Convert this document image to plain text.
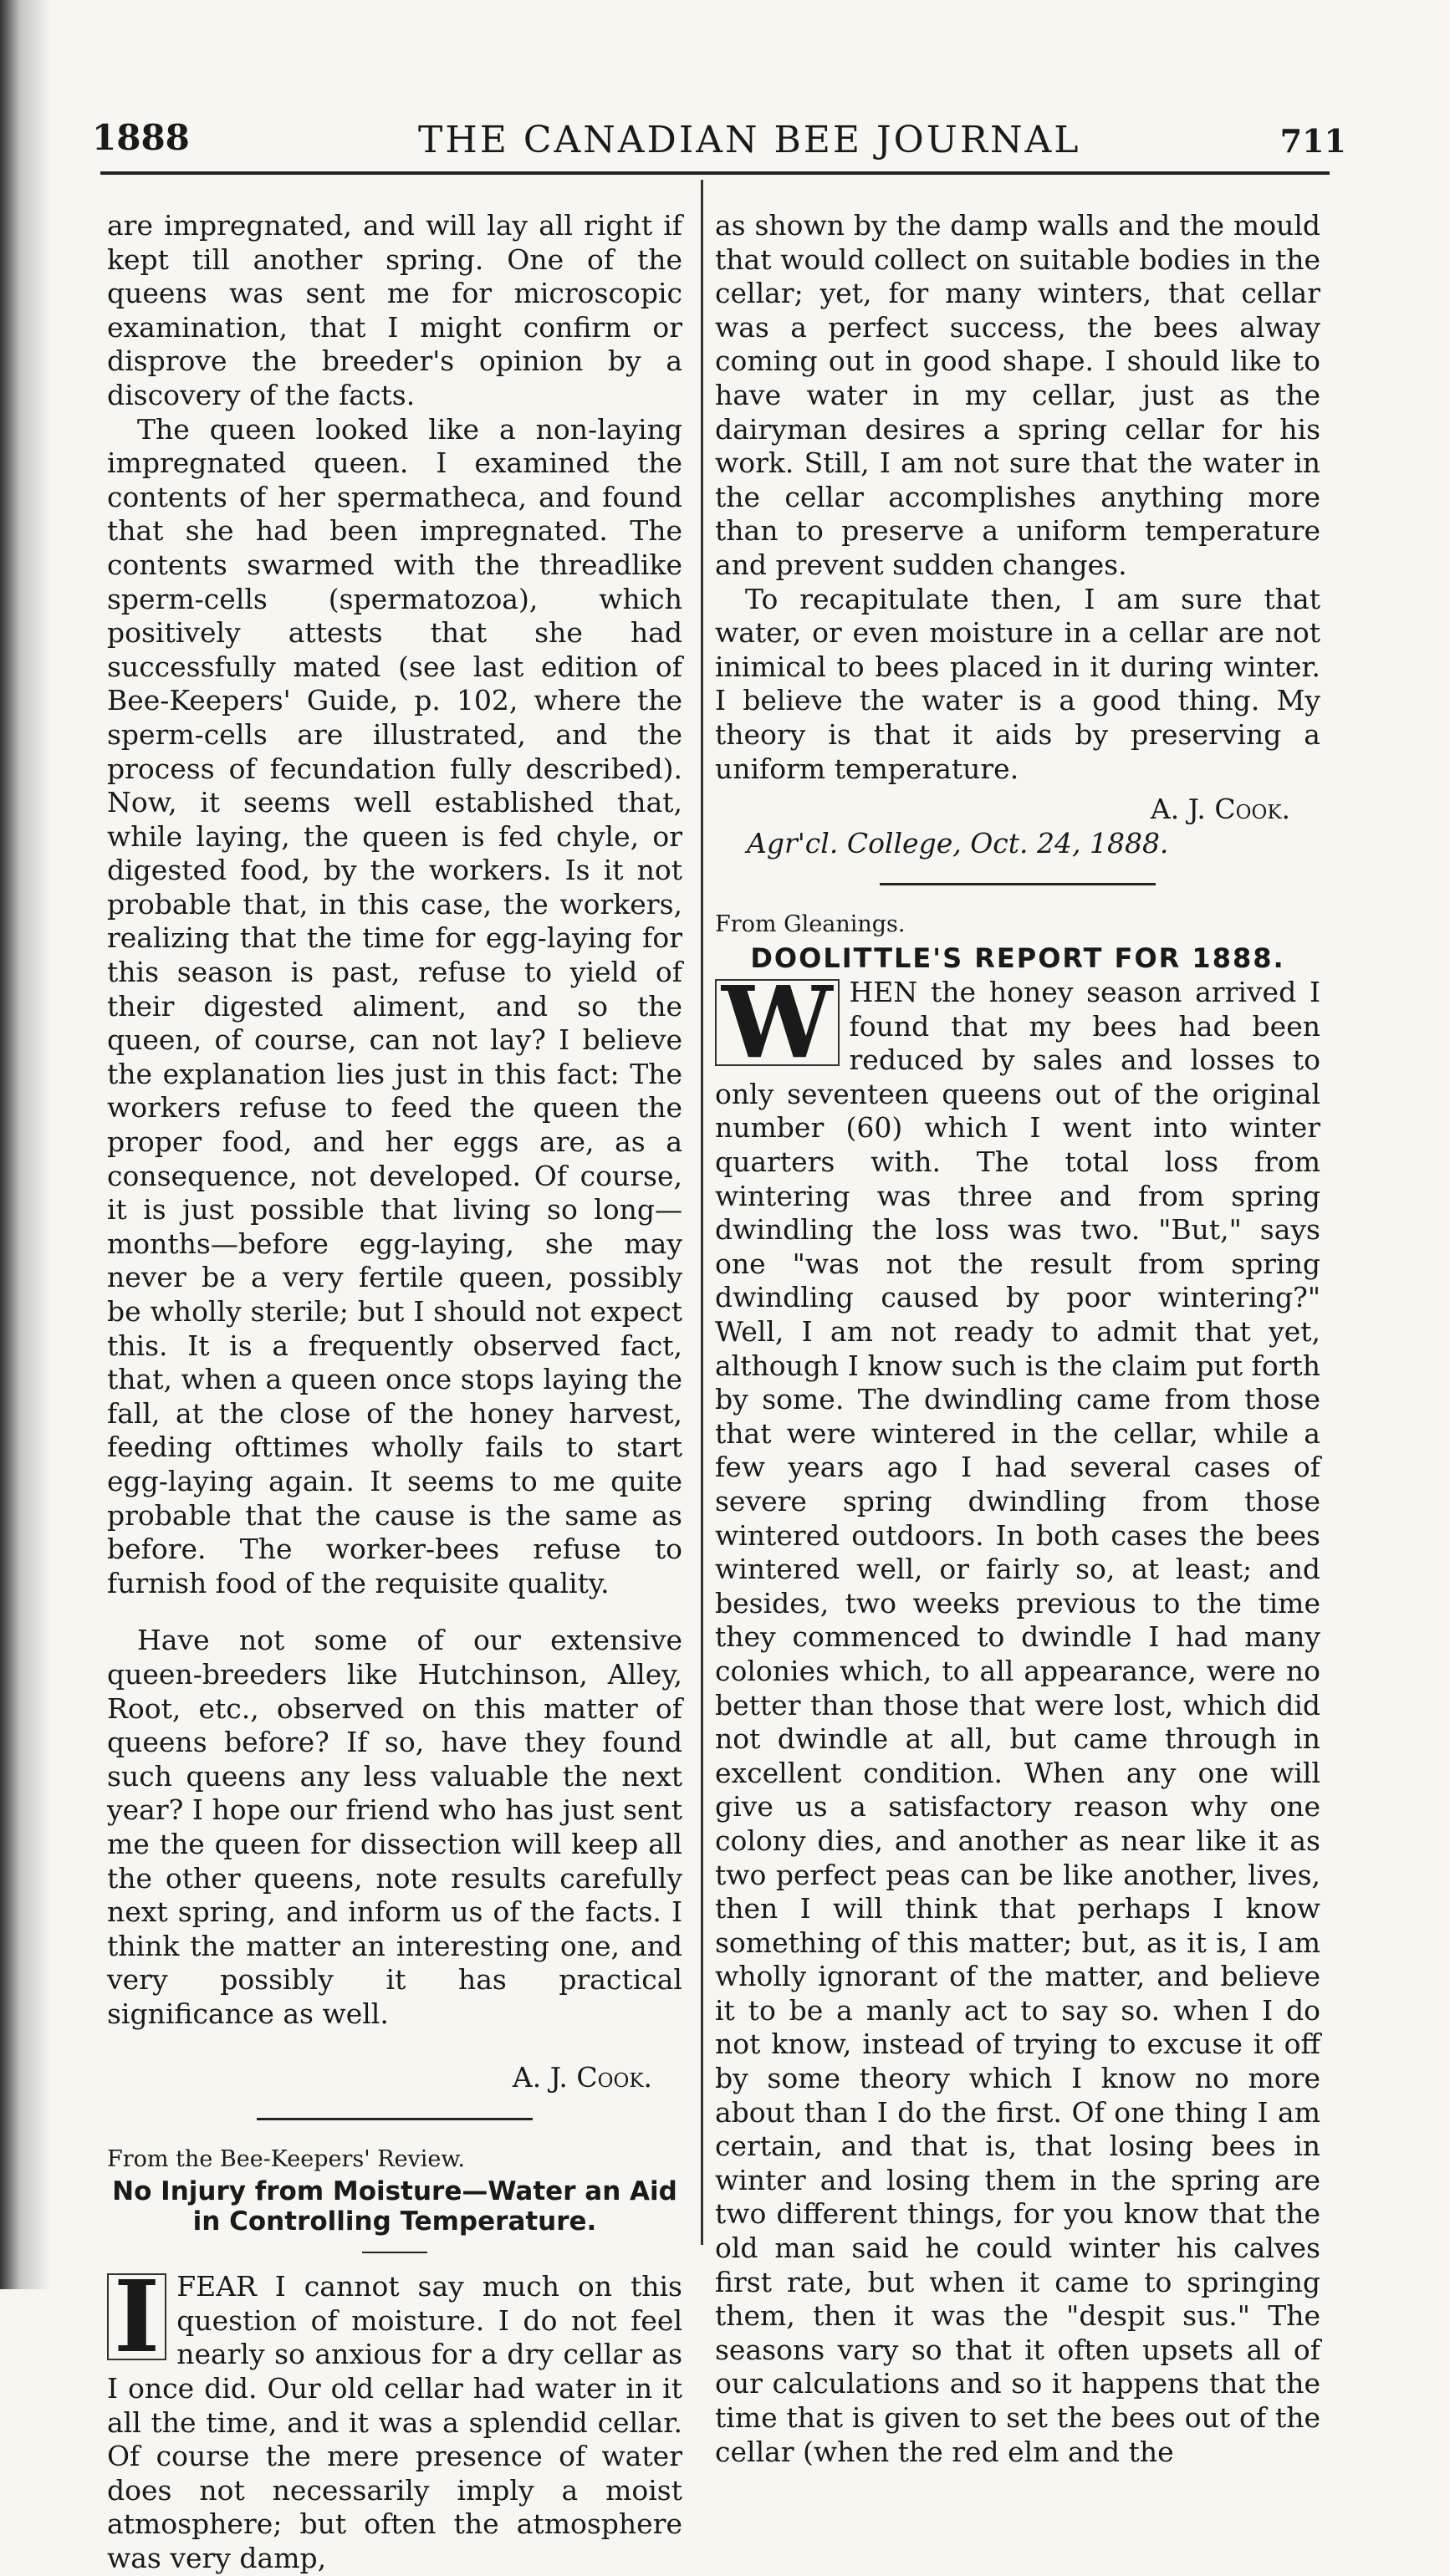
1888	THE CANADIAN BEE JOURNAL	711

are impregnated, and will lay all right if kept till another spring. One of the queens was sent me for microscopic examination, that I might confirm or disprove the breeder's opinion by a discovery of the facts.

The queen looked like a non-laying impregnated queen. I examined the contents of her spermatheca, and found that she had been impregnated. The contents swarmed with the threadlike sperm-cells (spermatozoa), which positively attests that she had successfully mated (see last edition of Bee-Keepers' Guide, p. 102, where the sperm-cells are illustrated, and the process of fecundation fully described). Now, it seems well established that, while laying, the queen is fed chyle, or digested food, by the workers. Is it not probable that, in this case, the workers, realizing that the time for egg-laying for this season is past, refuse to yield of their digested aliment, and so the queen, of course, can not lay? I believe the explanation lies just in this fact: The workers refuse to feed the queen the proper food, and her eggs are, as a consequence, not developed. Of course, it is just possible that living so long—months—before egg-laying, she may never be a very fertile queen, possibly be wholly sterile; but I should not expect this. It is a frequently observed fact, that, when a queen once stops laying the fall, at the close of the honey harvest, feeding ofttimes wholly fails to start egg-laying again. It seems to me quite probable that the cause is the same as before. The worker-bees refuse to furnish food of the requisite quality.

Have not some of our extensive queen-breeders like Hutchinson, Alley, Root, etc., observed on this matter of queens before? If so, have they found such queens any less valuable the next year? I hope our friend who has just sent me the queen for dissection will keep all the other queens, note results carefully next spring, and inform us of the facts. I think the matter an interesting one, and very possibly it has practical significance as well.

A. J. Cook.

From the Bee-Keepers' Review.

No Injury from Moisture—Water an Aid in Controlling Temperature.

I FEAR I cannot say much on this question of moisture. I do not feel nearly so anxious for a dry cellar as I once did. Our old cellar had water in it all the time, and it was a splendid cellar. Of course the mere presence of water does not necessarily imply a moist atmosphere; but often the atmosphere was very damp,

as shown by the damp walls and the mould that would collect on suitable bodies in the cellar; yet, for many winters, that cellar was a perfect success, the bees alway coming out in good shape. I should like to have water in my cellar, just as the dairyman desires a spring cellar for his work. Still, I am not sure that the water in the cellar accomplishes anything more than to preserve a uniform temperature and prevent sudden changes.

To recapitulate then, I am sure that water, or even moisture in a cellar are not inimical to bees placed in it during winter. I believe the water is a good thing. My theory is that it aids by preserving a uniform temperature.

A. J. Cook.

Agr'cl. College, Oct. 24, 1888.

From Gleanings.

DOOLITTLE'S REPORT FOR 1888.

W HEN the honey season arrived I found that my bees had been reduced by sales and losses to only seventeen queens out of the original number (60) which I went into winter quarters with. The total loss from wintering was three and from spring dwindling the loss was two. "But," says one "was not the result from spring dwindling caused by poor wintering?" Well, I am not ready to admit that yet, although I know such is the claim put forth by some. The dwindling came from those that were wintered in the cellar, while a few years ago I had several cases of severe spring dwindling from those wintered outdoors. In both cases the bees wintered well, or fairly so, at least; and besides, two weeks previous to the time they commenced to dwindle I had many colonies which, to all appearance, were no better than those that were lost, which did not dwindle at all, but came through in excellent condition. When any one will give us a satisfactory reason why one colony dies, and another as near like it as two perfect peas can be like another, lives, then I will think that perhaps I know something of this matter; but, as it is, I am wholly ignorant of the matter, and believe it to be a manly act to say so. when I do not know, instead of trying to excuse it off by some theory which I know no more about than I do the first. Of one thing I am certain, and that is, that losing bees in winter and losing them in the spring are two different things, for you know that the old man said he could winter his calves first rate, but when it came to springing them, then it was the "despit sus." The seasons vary so that it often upsets all of our calculations and so it happens that the time that is given to set the bees out of the cellar (when the red elm and the
